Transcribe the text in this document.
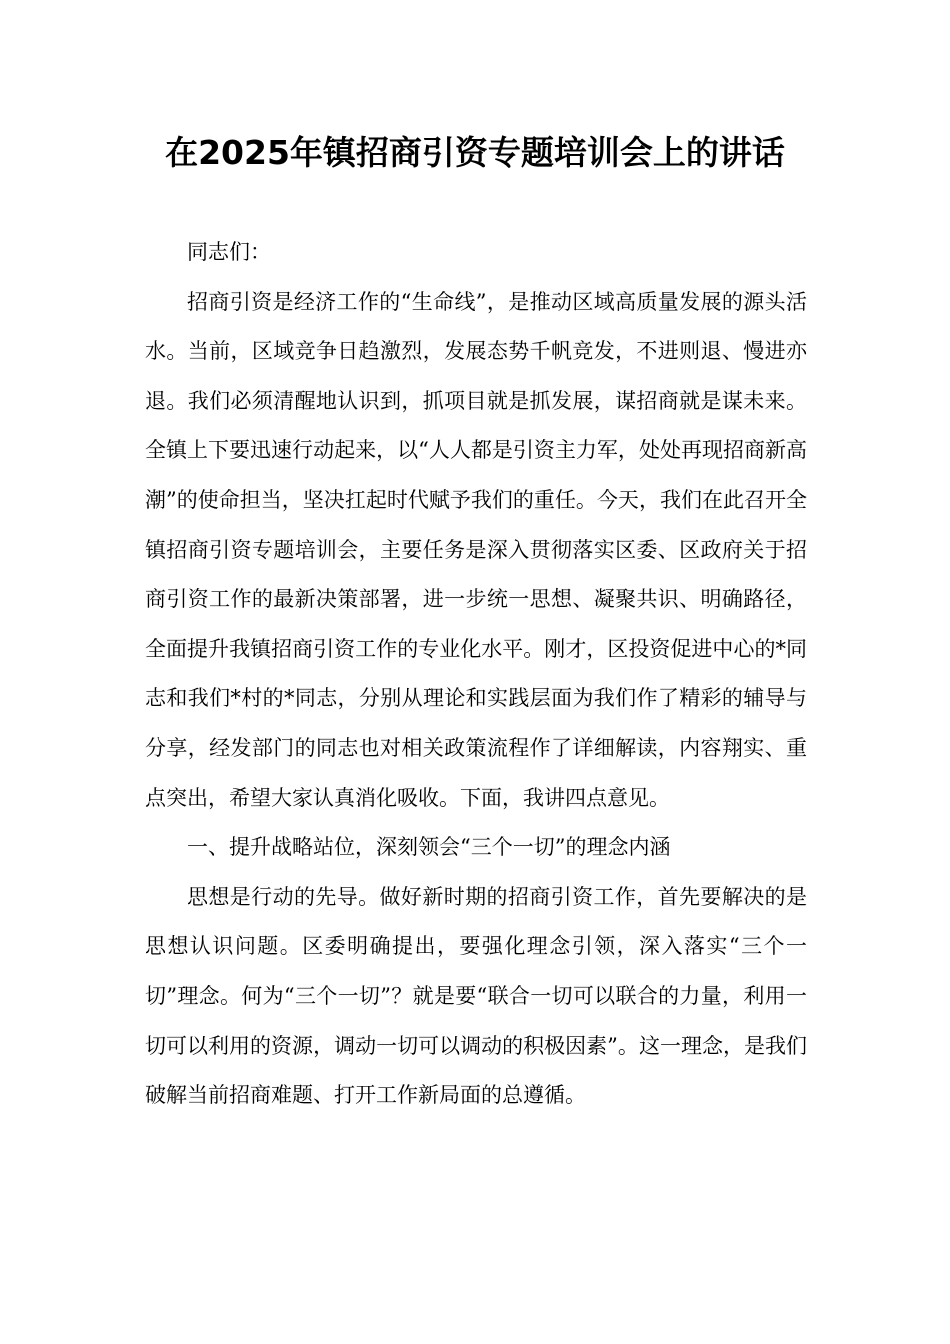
在2025年镇招商引资专题培训会上的讲话

同志们：

招商引资是经济工作的“生命线”，是推动区域高质量发展的源头活水。当前，区域竞争日趋激烈，发展态势千帆竞发，不进则退、慢进亦退。我们必须清醒地认识到，抓项目就是抓发展，谋招商就是谋未来。全镇上下要迅速行动起来，以“人人都是引资主力军，处处再现招商新高潮”的使命担当，坚决扛起时代赋予我们的重任。今天，我们在此召开全镇招商引资专题培训会，主要任务是深入贯彻落实区委、区政府关于招商引资工作的最新决策部署，进一步统一思想、凝聚共识、明确路径，全面提升我镇招商引资工作的专业化水平。刚才，区投资促进中心的*同志和我们*村的*同志，分别从理论和实践层面为我们作了精彩的辅导与分享，经发部门的同志也对相关政策流程作了详细解读，内容翔实、重点突出，希望大家认真消化吸收。下面，我讲四点意见。

一、提升战略站位，深刻领会“三个一切”的理念内涵

思想是行动的先导。做好新时期的招商引资工作，首先要解决的是思想认识问题。区委明确提出，要强化理念引领，深入落实“三个一切”理念。何为“三个一切”？就是要“联合一切可以联合的力量，利用一切可以利用的资源，调动一切可以调动的积极因素”。这一理念，是我们破解当前招商难题、打开工作新局面的总遵循。
